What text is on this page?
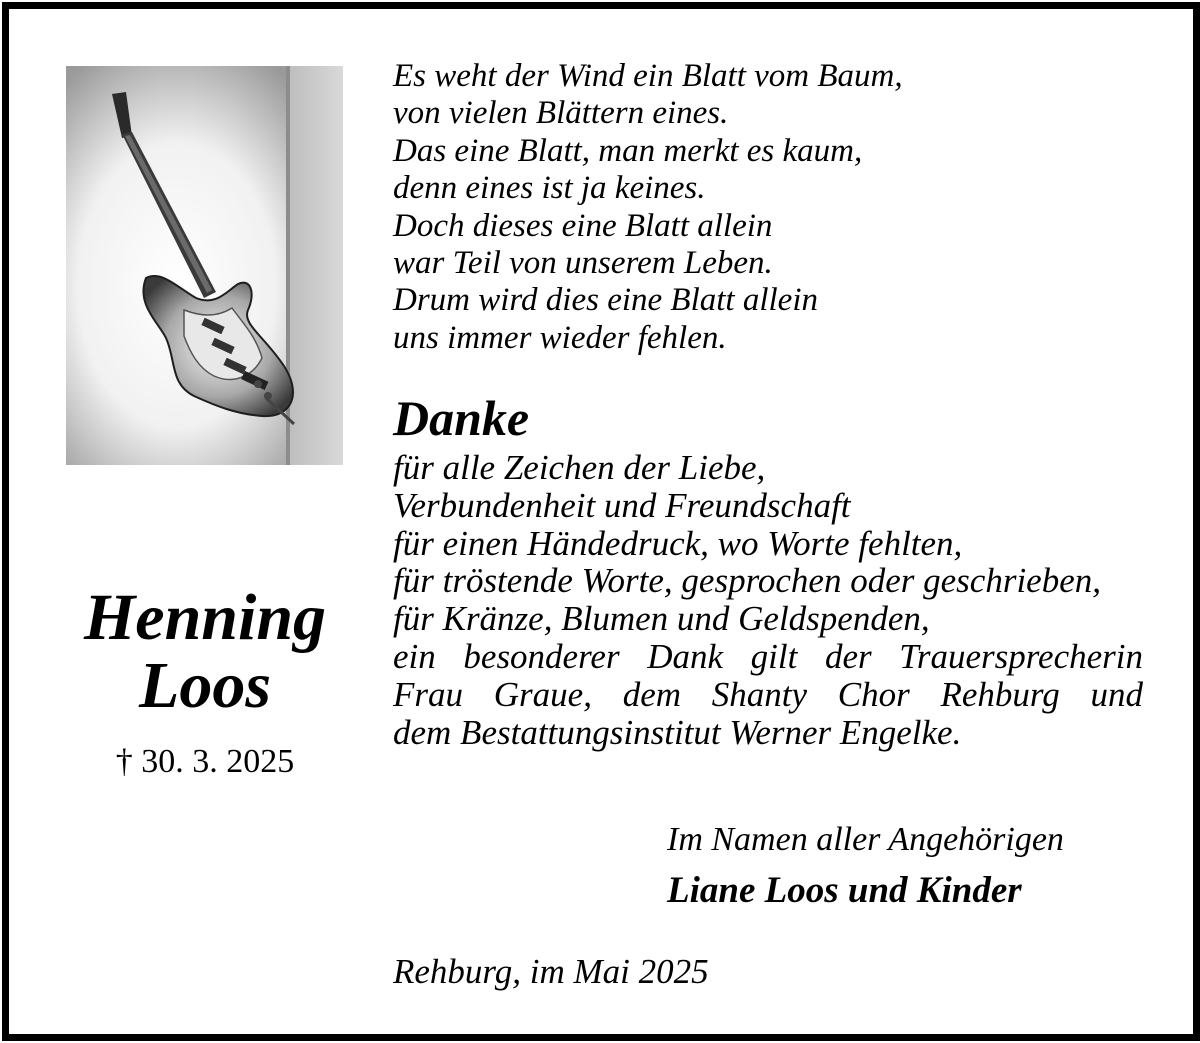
Henning
Loos
† 30. 3. 2025
Es weht der Wind ein Blatt vom Baum,
von vielen Blättern eines.
Das eine Blatt, man merkt es kaum,
denn eines ist ja keines.
Doch dieses eine Blatt allein
war Teil von unserem Leben.
Drum wird dies eine Blatt allein
uns immer wieder fehlen.
Danke
für alle Zeichen der Liebe,
Verbundenheit und Freundschaft
für einen Händedruck, wo Worte fehlten,
für tröstende Worte, gesprochen oder geschrieben,
für Kränze, Blumen und Geldspenden,
ein besonderer Dank gilt der Trauersprecherin
Frau Graue, dem Shanty Chor Rehburg und
dem Bestattungsinstitut Werner Engelke.
Im Namen aller Angehörigen
Liane Loos und Kinder
Rehburg, im Mai 2025
